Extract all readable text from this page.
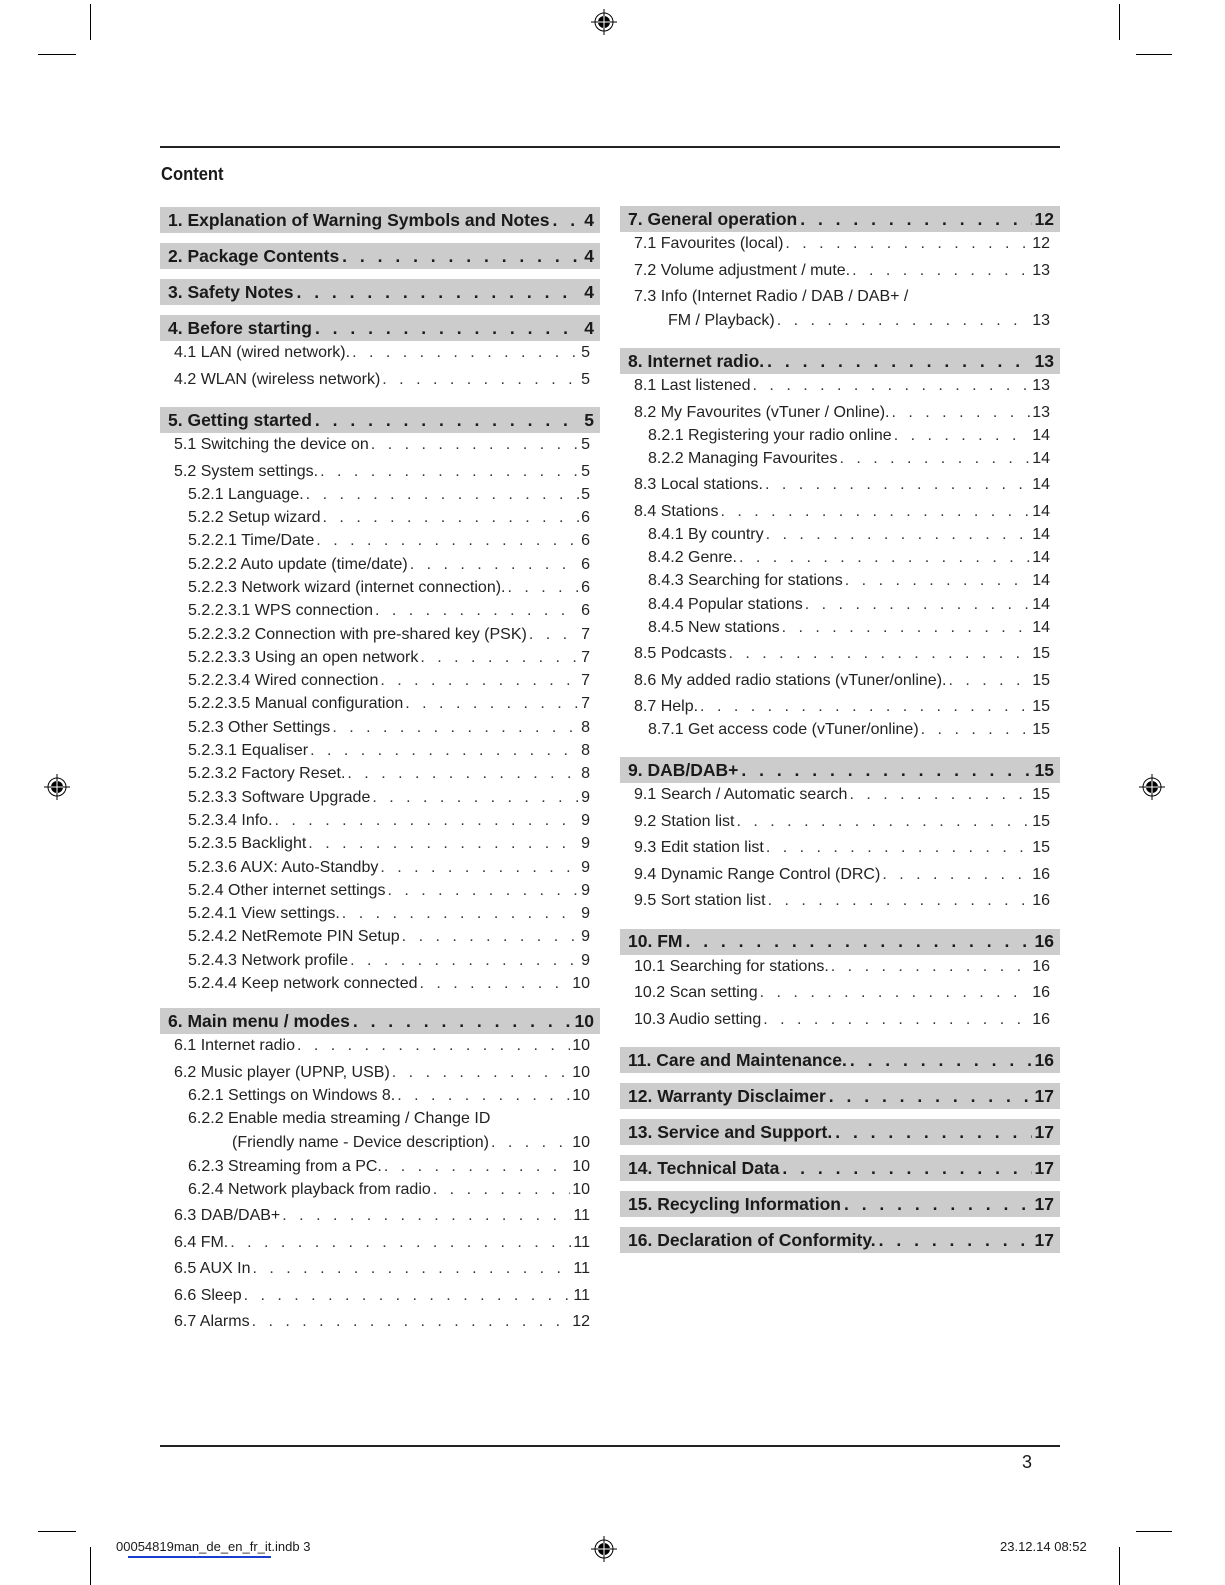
Content
1. Explanation of Warning Symbols and Notes . . . 4
2. Package Contents . . .	4
3. Safety Notes . . .	4
4. Before starting . . .	4
4.1 LAN (wired network). . . .	5
4.2 WLAN (wireless network) . . .	5
5. Getting started . . .	5
5.1 Switching the device on . . .	5
5.2 System settings. . . .	5
5.2.1 Language. . . .	5
5.2.2 Setup wizard . . .	6
5.2.2.1 Time/Date . . .	6
5.2.2.2 Auto update (time/date) . . .	6
5.2.2.3 Network wizard (internet connection). . . .	6
5.2.2.3.1 WPS connection . . .	6
5.2.2.3.2 Connection with pre-shared key (PSK) . . .	7
5.2.2.3.3 Using an open network . . .	7
5.2.2.3.4 Wired connection . . .	7
5.2.2.3.5 Manual configuration . . .	7
5.2.3 Other Settings . . .	8
5.2.3.1 Equaliser . . .	8
5.2.3.2 Factory Reset. . . .	8
5.2.3.3 Software Upgrade . . .	9
5.2.3.4 Info. . . .	9
5.2.3.5 Backlight . . .	9
5.2.3.6 AUX: Auto-Standby . . .	9
5.2.4 Other internet settings . . .	9
5.2.4.1 View settings. . . .	9
5.2.4.2 NetRemote PIN Setup . . .	9
5.2.4.3 Network profile . . .	9
5.2.4.4 Keep network connected . . .	10
6. Main menu / modes . . .	10
6.1 Internet radio . . .	10
6.2 Music player (UPNP, USB) . . .	10
6.2.1 Settings on Windows 8. . . .	10
6.2.2 Enable media streaming / Change ID
(Friendly name - Device description) . . .	10
6.2.3 Streaming from a PC. . . .	10
6.2.4 Network playback from radio . . .	10
6.3 DAB/DAB+ . . .	11
6.4 FM. . . .	11
6.5 AUX In . . .	11
6.6 Sleep . . .	11
6.7 Alarms . . .	12
7. General operation . . .	12
7.1 Favourites (local) . . .	12
7.2 Volume adjustment / mute. . . .	13
7.3 Info (Internet Radio / DAB / DAB+ /
FM / Playback) . . .	13
8. Internet radio. . . .	13
8.1 Last listened . . .	13
8.2 My Favourites (vTuner / Online). . . .	13
8.2.1 Registering your radio online . . .	14
8.2.2 Managing Favourites . . .	14
8.3 Local stations. . . .	14
8.4 Stations . . .	14
8.4.1 By country . . .	14
8.4.2 Genre. . . .	14
8.4.3 Searching for stations . . .	14
8.4.4 Popular stations . . .	14
8.4.5 New stations . . .	14
8.5 Podcasts . . .	15
8.6 My added radio stations (vTuner/online). . . .	15
8.7 Help. . . .	15
8.7.1 Get access code (vTuner/online) . . .	15
9. DAB/DAB+ . . .	15
9.1 Search / Automatic search . . .	15
9.2 Station list . . .	15
9.3 Edit station list . . .	15
9.4 Dynamic Range Control (DRC) . . .	16
9.5 Sort station list . . .	16
10. FM . . .	16
10.1 Searching for stations. . . .	16
10.2 Scan setting . . .	16
10.3 Audio setting . . .	16
11. Care and Maintenance. . . .	16
12. Warranty Disclaimer . . .	17
13. Service and Support. . . .	17
14. Technical Data . . .	17
15. Recycling Information . . .	17
16. Declaration of Conformity. . . .	17
3
00054819man_de_en_fr_it.indb 3	23.12.14 08:52
